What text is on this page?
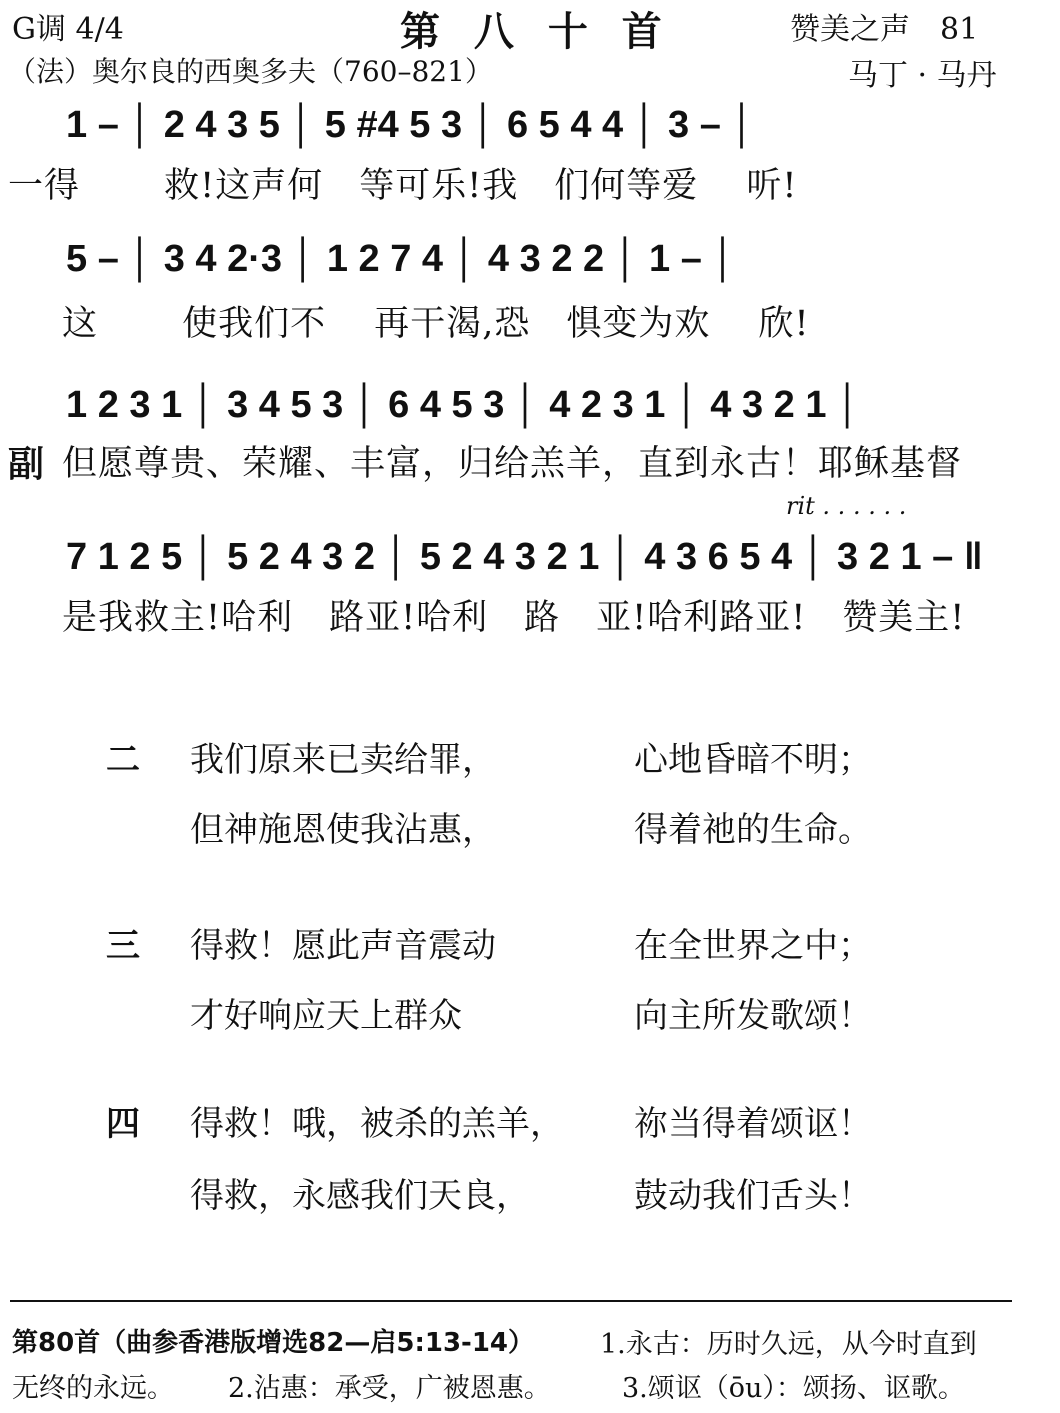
G调 4/4	第 八 十 首	赞美之声　81
（法）奥尔良的西奥多夫（760–821）	马丁 · 马丹
1 – │ 2 4 3 5 │ 5 #4 5 3 │ 6 5 4 4 │ 3 – │
一得　　 救!这声何　等可乐!我　们何等爱　 听!
5 – │ 3 4 2·3 │ 1 2 7 4 │ 4 3 2 2 │ 1 – │
这　　 使我们不　 再干渴,恐　惧变为欢　 欣!
1 2 3 1 │ 3 4 5 3 │ 6 4 5 3 │ 4 2 3 1 │ 4 3 2 1 │
副 但愿尊贵、荣耀、丰富，归给羔羊，直到永古！耶稣基督
rit . . . . . .
7 1 2 5 │ 5 2 4 3 2 │ 5 2 4 3 2 1 │ 4 3 6 5 4 │ 3 2 1 – ‖
是我救主!哈利　路亚!哈利　路　亚!哈利路亚!　赞美主!
二 我们原来已卖给罪，	心地昏暗不明；
但神施恩使我沾惠，	得着祂的生命。
三 得救！愿此声音震动	在全世界之中；
才好响应天上群众	向主所发歌颂！
四 得救！哦，被杀的羔羊， 祢当得着颂讴！
得救，永感我们天良，	鼓动我们舌头！
第80首（曲参香港版增选82—启5:13-14） 1.永古：历时久远，从今时直到
无终的永远。 2.沾惠：承受，广被恩惠。	3.颂讴（ōu）：颂扬、讴歌。
